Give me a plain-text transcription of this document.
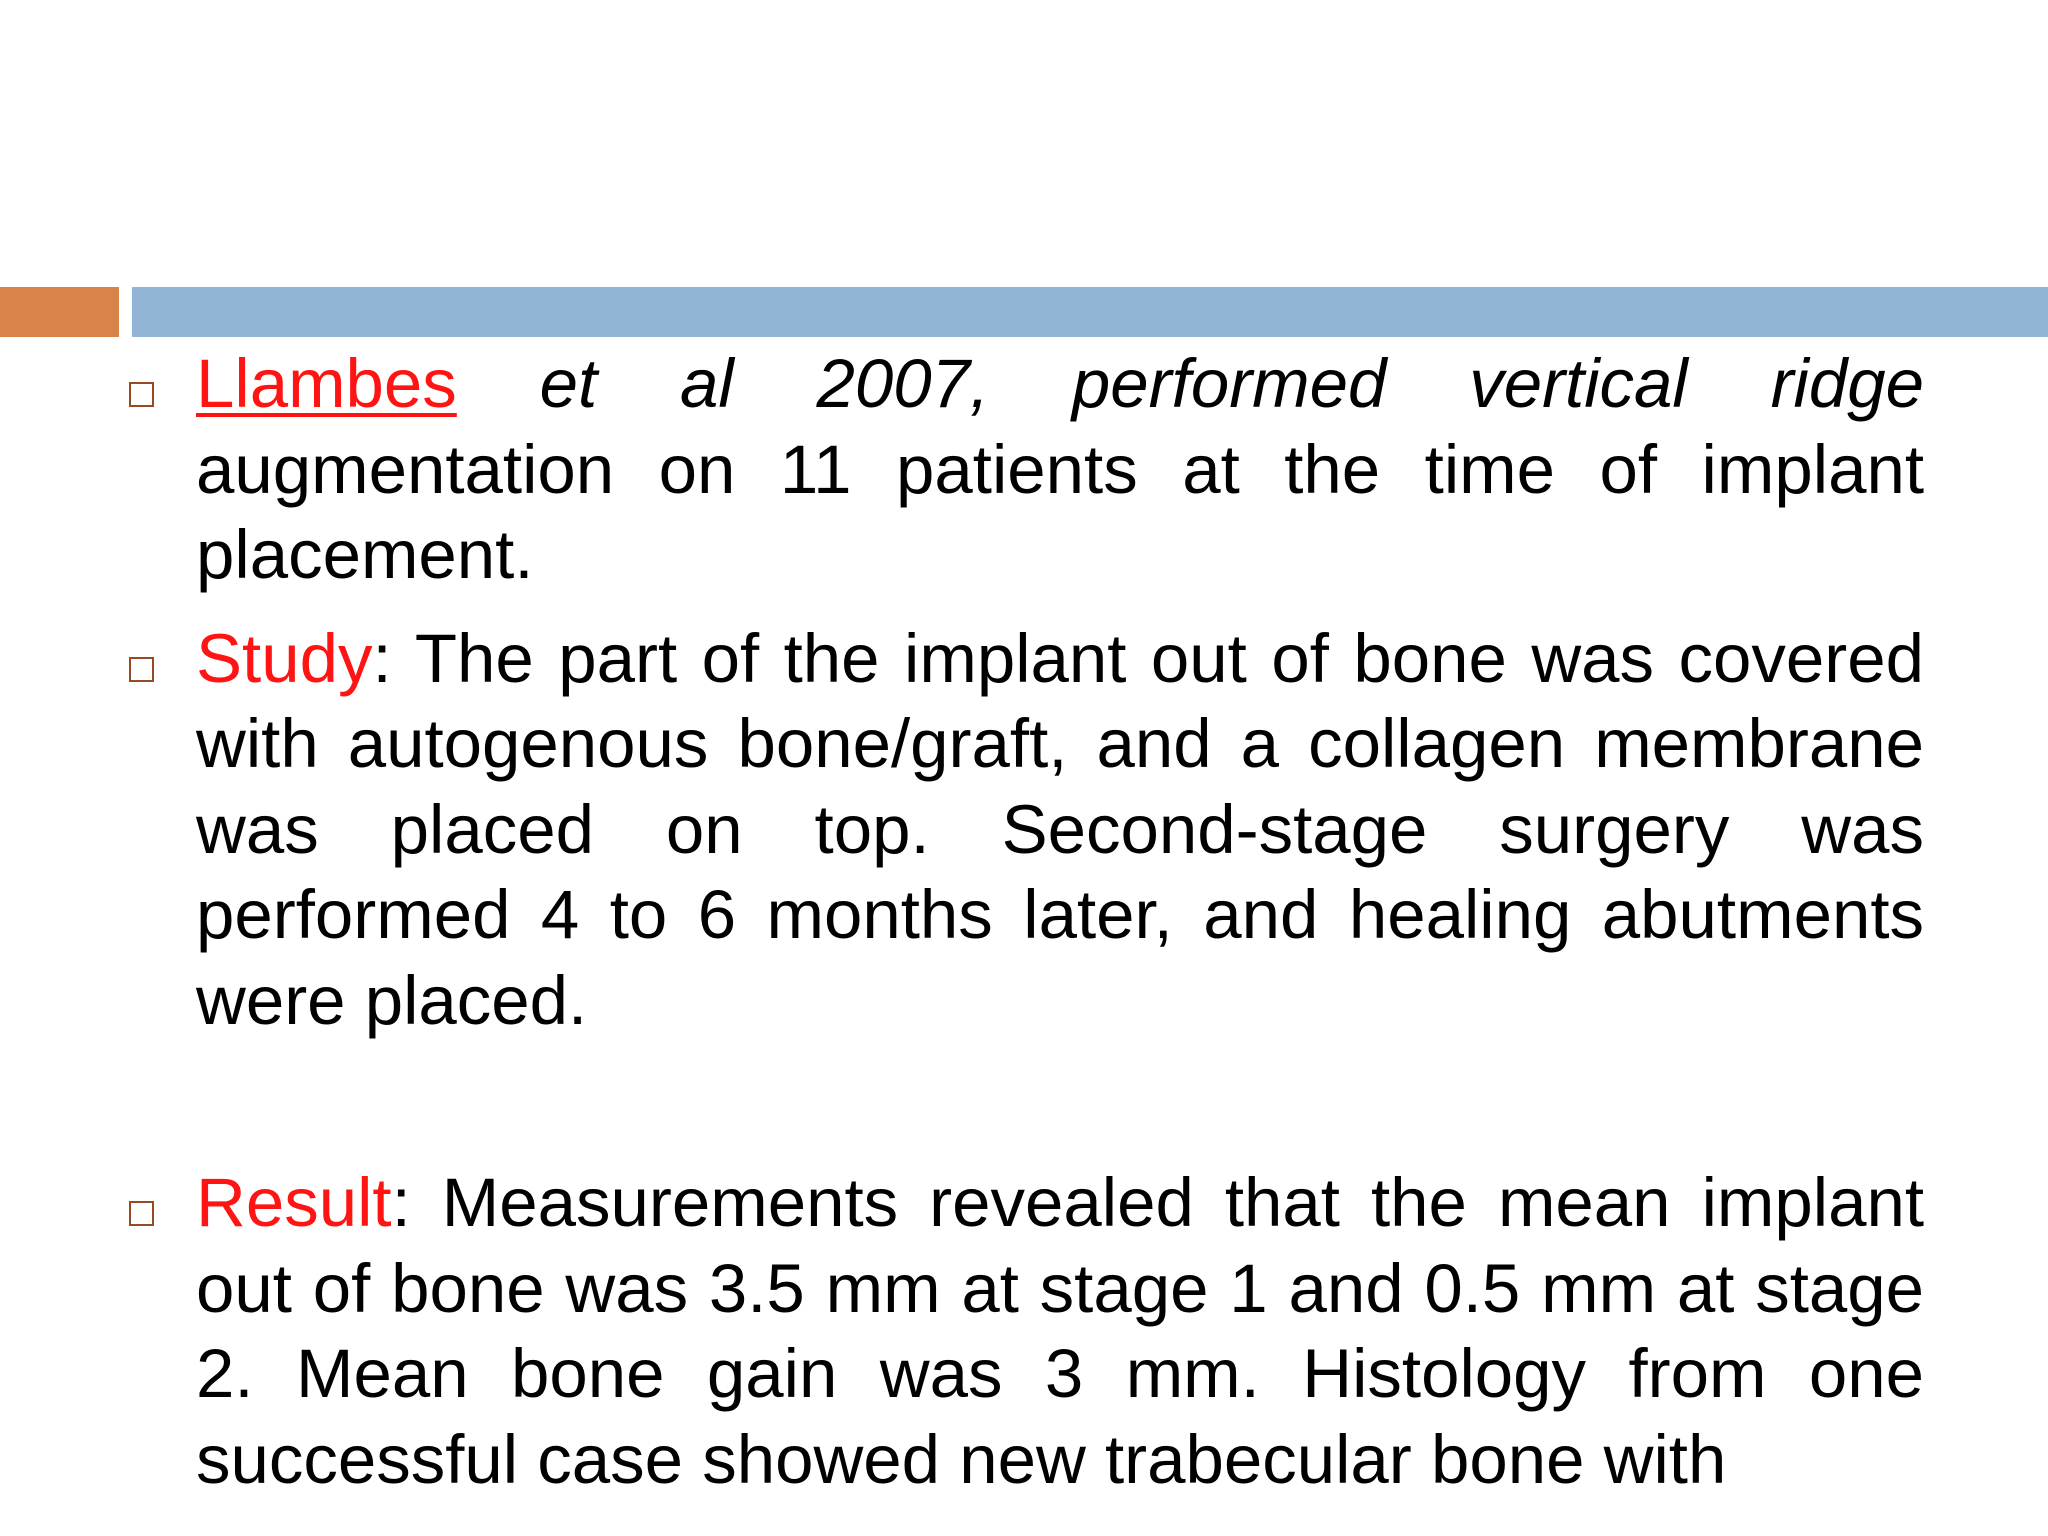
Llambes et al 2007, performed vertical ridge augmentation on 11 patients at the time of implant placement.
Study: The part of the implant out of bone was covered with autogenous bone/graft, and a collagen membrane was placed on top. Second-stage surgery was performed 4 to 6 months later, and healing abutments were placed.
Result: Measurements revealed that the mean implant out of bone was 3.5 mm at stage 1 and 0.5 mm at stage 2. Mean bone gain was 3 mm. Histology from one successful case showed new trabecular bone with
